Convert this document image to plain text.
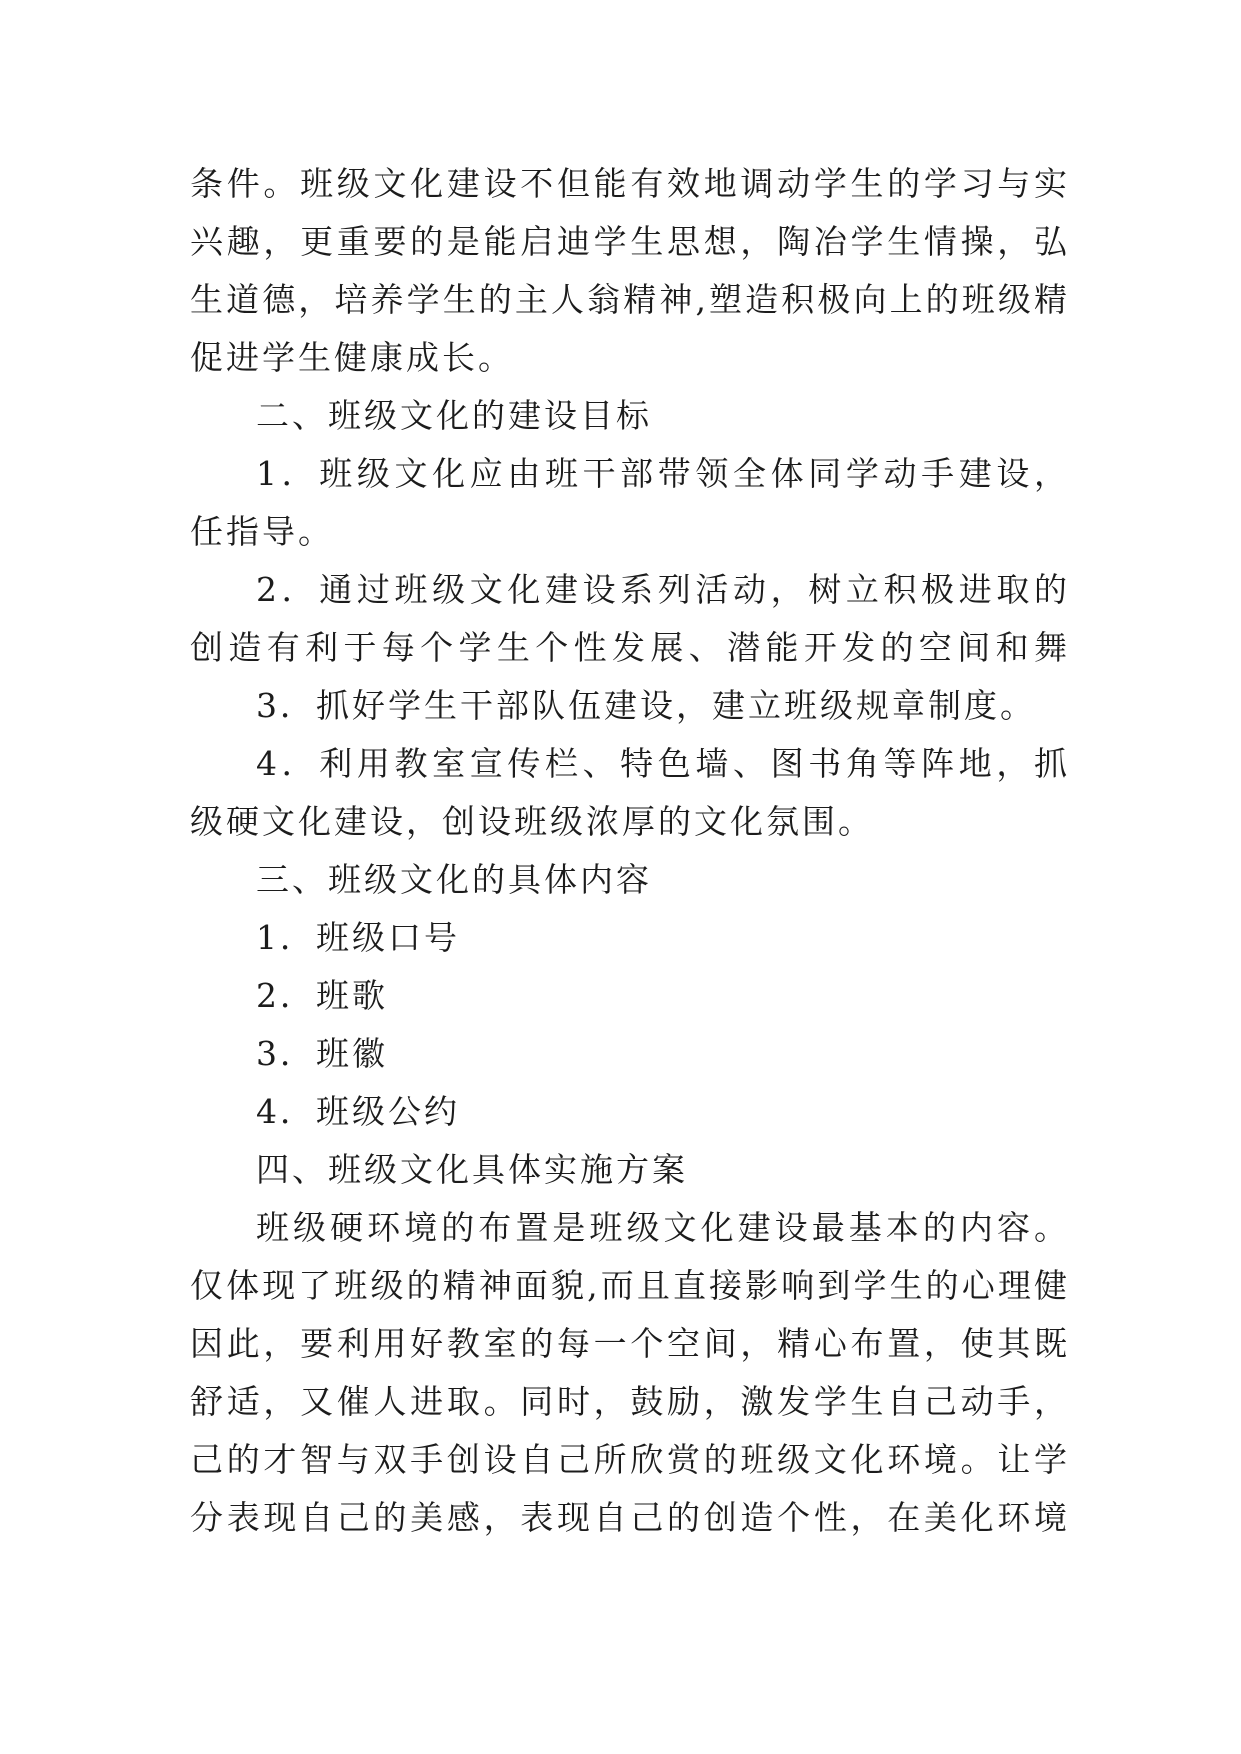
条件。班级文化建设不但能有效地调动学生的学习与实
兴趣，更重要的是能启迪学生思想，陶冶学生情操，弘
生道德，培养学生的主人翁精神,塑造积极向上的班级精
促进学生健康成长。
二、班级文化的建设目标
1．班级文化应由班干部带领全体同学动手建设，
任指导。
2．通过班级文化建设系列活动，树立积极进取的
创造有利于每个学生个性发展、潜能开发的空间和舞
3．抓好学生干部队伍建设，建立班级规章制度。
4．利用教室宣传栏、特色墙、图书角等阵地，抓
级硬文化建设，创设班级浓厚的文化氛围。
三、班级文化的具体内容
1．班级口号
2．班歌
3．班徽
4．班级公约
四、班级文化具体实施方案
班级硬环境的布置是班级文化建设最基本的内容。
仅体现了班级的精神面貌,而且直接影响到学生的心理健
因此，要利用好教室的每一个空间，精心布置，使其既
舒适，又催人进取。同时，鼓励，激发学生自己动手，
己的才智与双手创设自己所欣赏的班级文化环境。让学
分表现自己的美感，表现自己的创造个性，在美化环境
